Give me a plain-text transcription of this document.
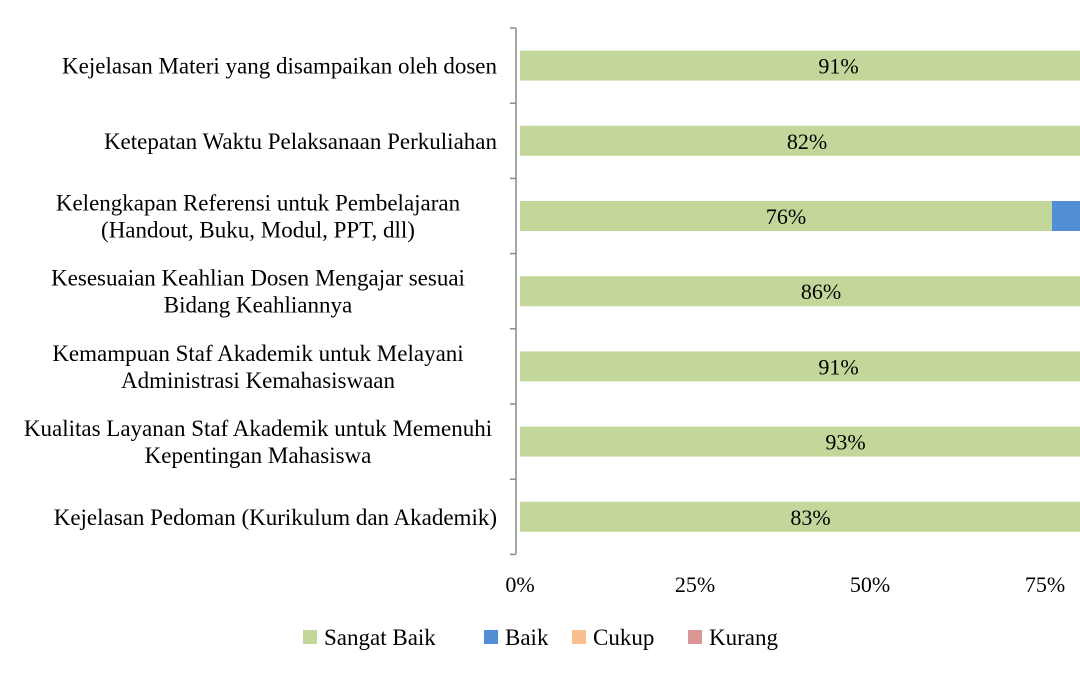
Kejelasan Materi yang disampaikan oleh dosen
Ketepatan Waktu Pelaksanaan Perkuliahan
Kelengkapan Referensi untuk Pembelajaran (Handout, Buku, Modul, PPT, dll)
Kesesuaian Keahlian Dosen Mengajar sesuai Bidang Keahliannya
Kemampuan Staf Akademik untuk Melayani Administrasi Kemahasiswaan
Kualitas Layanan Staf Akademik untuk Memenuhi Kepentingan Mahasiswa
Kejelasan Pedoman (Kurikulum dan Akademik)
91%
82%
76%
86%
91%
93%
83%
0%	25%	50%	75%
Sangat Baik	Baik Cukup Kurang
